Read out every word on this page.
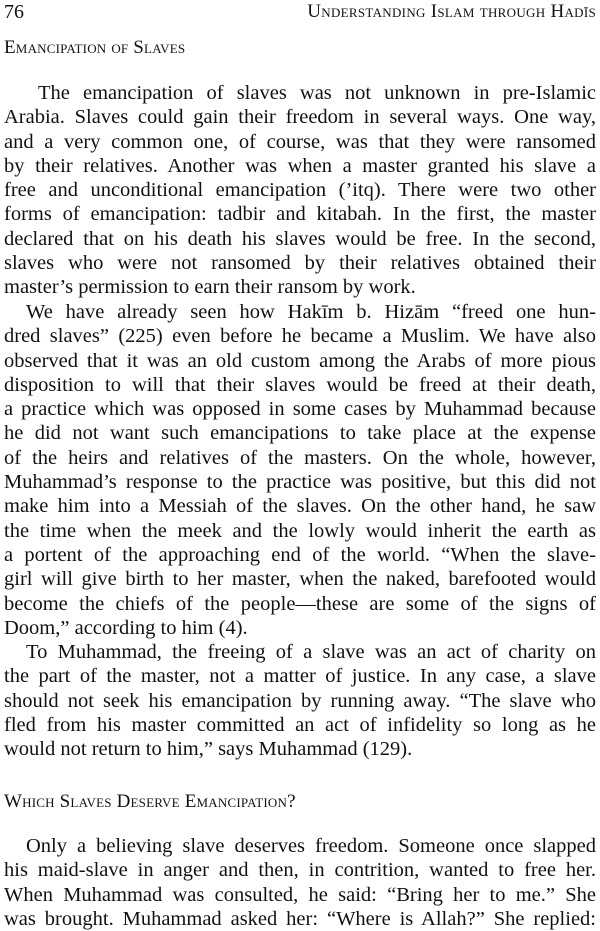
76	Understanding Islam through Hadīs
Emancipation of Slaves
The emancipation of slaves was not unknown in pre-Islamic
Arabia. Slaves could gain their freedom in several ways. One way,
and a very common one, of course, was that they were ransomed
by their relatives. Another was when a master granted his slave a
free and unconditional emancipation (’itq). There were two other
forms of emancipation: tadbir and kitabah. In the first, the master
declared that on his death his slaves would be free. In the second,
slaves who were not ransomed by their relatives obtained their
master’s permission to earn their ransom by work.
We have already seen how Hakīm b. Hizām “freed one hun-
dred slaves” (225) even before he became a Muslim. We have also
observed that it was an old custom among the Arabs of more pious
disposition to will that their slaves would be freed at their death,
a practice which was opposed in some cases by Muhammad because
he did not want such emancipations to take place at the expense
of the heirs and relatives of the masters. On the whole, however,
Muhammad’s response to the practice was positive, but this did not
make him into a Messiah of the slaves. On the other hand, he saw
the time when the meek and the lowly would inherit the earth as
a portent of the approaching end of the world. “When the slave-
girl will give birth to her master, when the naked, barefooted would
become the chiefs of the people—these are some of the signs of
Doom,” according to him (4).
To Muhammad, the freeing of a slave was an act of charity on
the part of the master, not a matter of justice. In any case, a slave
should not seek his emancipation by running away. “The slave who
fled from his master committed an act of infidelity so long as he
would not return to him,” says Muhammad (129).
Which Slaves Deserve Emancipation?
Only a believing slave deserves freedom. Someone once slapped
his maid-slave in anger and then, in contrition, wanted to free her.
When Muhammad was consulted, he said: “Bring her to me.” She
was brought. Muhammad asked her: “Where is Allah?” She replied:
